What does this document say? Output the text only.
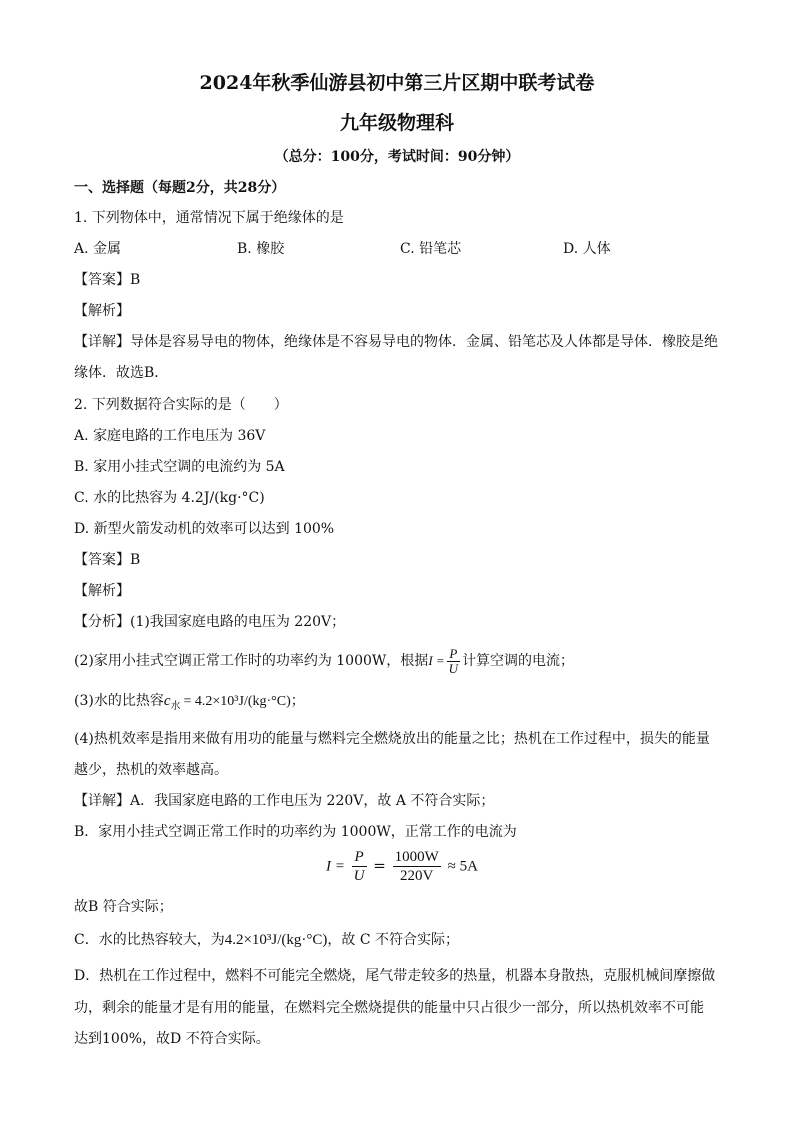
2024年秋季仙游县初中第三片区期中联考试卷
九年级物理科
（总分：100分，考试时间：90分钟）
一、选择题（每题2分，共28分）
1. 下列物体中，通常情况下属于绝缘体的是
A. 金属	B. 橡胶	C. 铅笔芯	D. 人体
【答案】B
【解析】
【详解】导体是容易导电的物体，绝缘体是不容易导电的物体．金属、铅笔芯及人体都是导体．橡胶是绝
缘体．故选B．
2. 下列数据符合实际的是（　　）
A. 家庭电路的工作电压为 36V
B. 家用小挂式空调的电流约为 5A
C. 水的比热容为 4.2J/(kg·°C)
D. 新型火箭发动机的效率可以达到 100%
【答案】B
【解析】
【分析】(1)我国家庭电路的电压为 220V；
(2)家用小挂式空调正常工作时的功率约为 1000W，根据$I = \frac{P}{U}$ 计算空调的电流；
(3)水的比热容$c_水 = 4.2\times 10^3J/(kg\cdot^\circ C)$；
(4)热机效率是指用来做有用功的能量与燃料完全燃烧放出的能量之比；热机在工作过程中，损失的能量
越少，热机的效率越高。
【详解】A．我国家庭电路的工作电压为 220V，故 A 不符合实际；
B．家用小挂式空调正常工作时的功率约为 1000W，正常工作的电流为
$I = \frac{P}{U} = \frac{1000W}{220V} \approx 5A$
故B 符合实际；
C．水的比热容较大，为4.2×10³J/(kg·°C)，故 C 不符合实际；
D．热机在工作过程中，燃料不可能完全燃烧，尾气带走较多的热量，机器本身散热，克服机械间摩擦做
功，剩余的能量才是有用的能量，在燃料完全燃烧提供的能量中只占很少一部分，所以热机效率不可能
达到100%，故D 不符合实际。
